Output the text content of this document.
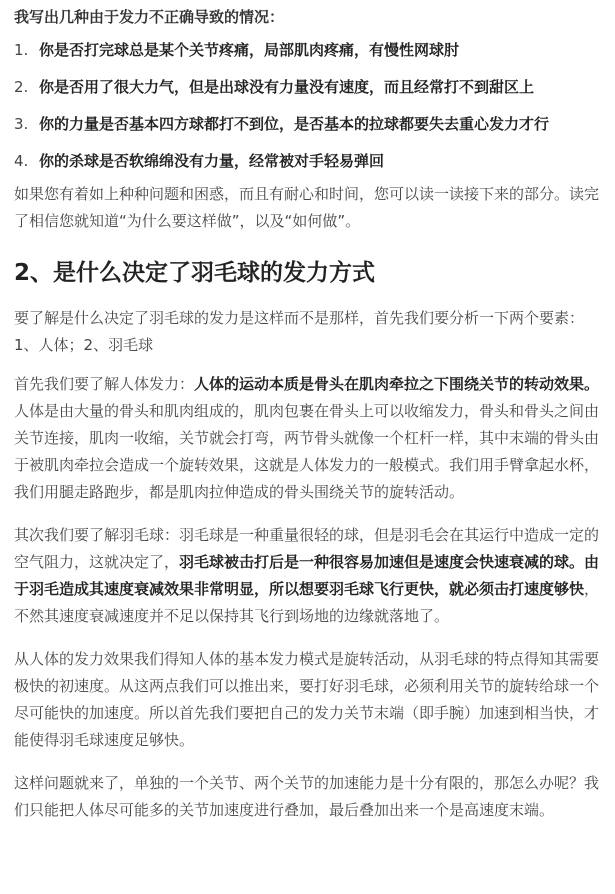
我写出几种由于发力不正确导致的情况：

1. 你是否打完球总是某个关节疼痛，局部肌肉疼痛，有慢性网球肘
2. 你是否用了很大力气，但是出球没有力量没有速度，而且经常打不到甜区上
3. 你的力量是否基本四方球都打不到位，是否基本的拉球都要失去重心发力才行
4. 你的杀球是否软绵绵没有力量，经常被对手轻易弹回

如果您有着如上种种问题和困惑，而且有耐心和时间，您可以读一读接下来的部分。读完了相信您就知道“为什么要这样做”，以及“如何做”。

2、是什么决定了羽毛球的发力方式

要了解是什么决定了羽毛球的发力是这样而不是那样，首先我们要分析一下两个要素：1、人体；2、羽毛球

首先我们要了解人体发力：人体的运动本质是骨头在肌肉牵拉之下围绕关节的转动效果。人体是由大量的骨头和肌肉组成的，肌肉包裹在骨头上可以收缩发力，骨头和骨头之间由关节连接，肌肉一收缩，关节就会打弯，两节骨头就像一个杠杆一样，其中末端的骨头由于被肌肉牵拉会造成一个旋转效果，这就是人体发力的一般模式。我们用手臂拿起水杯，我们用腿走路跑步，都是肌肉拉伸造成的骨头围绕关节的旋转活动。

其次我们要了解羽毛球：羽毛球是一种重量很轻的球，但是羽毛会在其运行中造成一定的空气阻力，这就决定了，羽毛球被击打后是一种很容易加速但是速度会快速衰减的球。由于羽毛造成其速度衰减效果非常明显，所以想要羽毛球飞行更快，就必须击打速度够快，不然其速度衰减速度并不足以保持其飞行到场地的边缘就落地了。

从人体的发力效果我们得知人体的基本发力模式是旋转活动，从羽毛球的特点得知其需要极快的初速度。从这两点我们可以推出来，要打好羽毛球，必须利用关节的旋转给球一个尽可能快的加速度。所以首先我们要把自己的发力关节末端（即手腕）加速到相当快，才能使得羽毛球速度足够快。

这样问题就来了，单独的一个关节、两个关节的加速能力是十分有限的，那怎么办呢？我们只能把人体尽可能多的关节加速度进行叠加，最后叠加出来一个是高速度末端。
